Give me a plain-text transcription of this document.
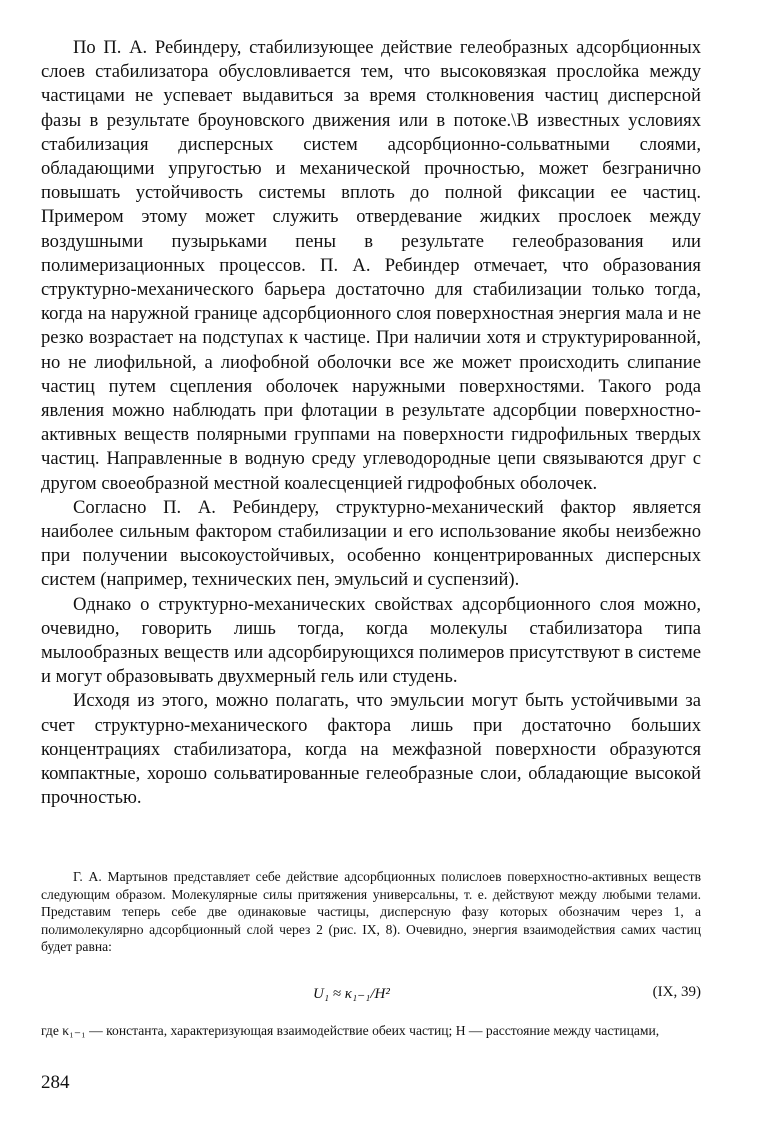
По П. А. Ребиндеру, стабилизующее действие гелеобразных адсорбционных слоев стабилизатора обусловливается тем, что высоковязкая прослойка между частицами не успевает выдавиться за время столкновения частиц дисперсной фазы в результате броуновского движения или в потоке.\В известных условиях стабилизация дисперсных систем адсорбционно-сольватными слоями, обладающими упругостью и механической прочностью, может безгранично повышать устойчивость системы вплоть до полной фиксации ее частиц. Примером этому может служить отвердевание жидких прослоек между воздушными пузырьками пены в результате гелеобразования или полимеризационных процессов. П. А. Ребиндер отмечает, что образования структурно-механического барьера достаточно для стабилизации только тогда, когда на наружной границе адсорбционного слоя поверхностная энергия мала и не резко возрастает на подступах к частице. При наличии хотя и структурированной, но не лиофильной, а лиофобной оболочки все же может происходить слипание частиц путем сцепления оболочек наружными поверхностями. Такого рода явления можно наблюдать при флотации в результате адсорбции поверхностно-активных веществ полярными группами на поверхности гидрофильных твердых частиц. Направленные в водную среду углеводородные цепи связываются друг с другом своеобразной местной коалесценцией гидрофобных оболочек.

Согласно П. А. Ребиндеру, структурно-механический фактор является наиболее сильным фактором стабилизации и его использование якобы неизбежно при получении высокоустойчивых, особенно концентрированных дисперсных систем (например, технических пен, эмульсий и суспензий).

Однако о структурно-механических свойствах адсорбционного слоя можно, очевидно, говорить лишь тогда, когда молекулы стабилизатора типа мылообразных веществ или адсорбирующихся полимеров присутствуют в системе и могут образовывать двухмерный гель или студень.

Исходя из этого, можно полагать, что эмульсии могут быть устойчивыми за счет структурно-механического фактора лишь при достаточно больших концентрациях стабилизатора, когда на межфазной поверхности образуются компактные, хорошо сольватированные гелеобразные слои, обладающие высокой прочностью.

Г. А. Мартынов представляет себе действие адсорбционных полислоев поверхностно-активных веществ следующим образом. Молекулярные силы притяжения универсальны, т. е. действуют между любыми телами. Представим теперь себе две одинаковые частицы, дисперсную фазу которых обозначим через 1, а полимолекулярно адсорбционный слой через 2 (рис. IX, 8). Очевидно, энергия взаимодействия самих частиц будет равна:

U₁ ≈ κ₁₋₁/H²	(IX, 39)

где κ₁₋₁ — константа, характеризующая взаимодействие обеих частиц; H — расстояние между частицами,

284
